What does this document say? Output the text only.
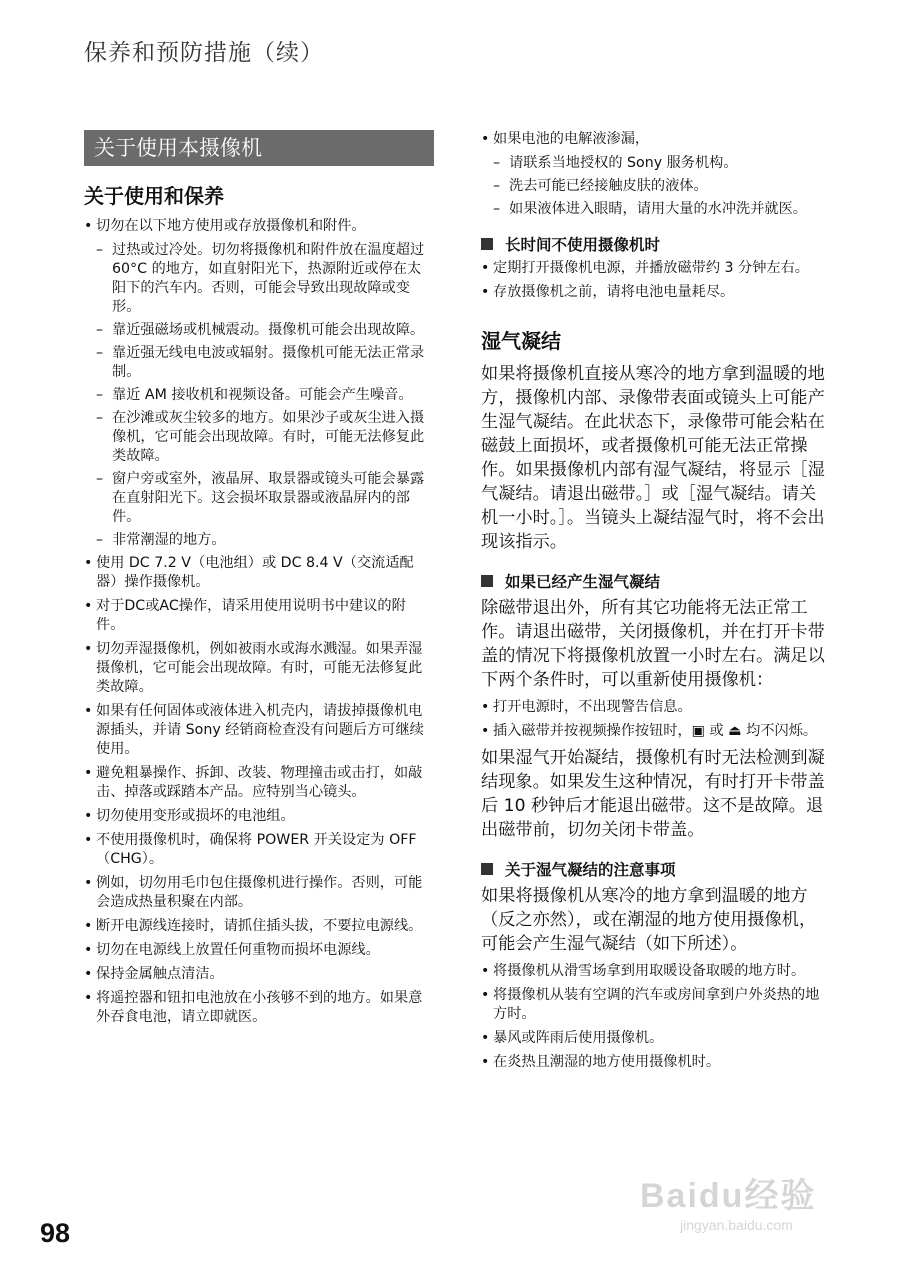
保养和预防措施（续）
关于使用本摄像机
关于使用和保养
• 切勿在以下地方使用或存放摄像机和附件。
– 过热或过冷处。切勿将摄像机和附件放在温度超过 60°C 的地方，如直射阳光下，热源附近或停在太阳下的汽车内。否则，可能会导致出现故障或变形。
– 靠近强磁场或机械震动。摄像机可能会出现故障。
– 靠近强无线电电波或辐射。摄像机可能无法正常录制。
– 靠近 AM 接收机和视频设备。可能会产生噪音。
– 在沙滩或灰尘较多的地方。如果沙子或灰尘进入摄像机，它可能会出现故障。有时，可能无法修复此类故障。
– 窗户旁或室外，液晶屏、取景器或镜头可能会暴露在直射阳光下。这会损坏取景器或液晶屏内的部件。
– 非常潮湿的地方。
• 使用 DC 7.2 V（电池组）或 DC 8.4 V（交流适配器）操作摄像机。
• 对于DC或AC操作，请采用使用说明书中建议的附件。
• 切勿弄湿摄像机，例如被雨水或海水溅湿。如果弄湿摄像机，它可能会出现故障。有时，可能无法修复此类故障。
• 如果有任何固体或液体进入机壳内，请拔掉摄像机电源插头，并请 Sony 经销商检查没有问题后方可继续使用。
• 避免粗暴操作、拆卸、改装、物理撞击或击打，如敲击、掉落或踩踏本产品。应特别当心镜头。
• 切勿使用变形或损坏的电池组。
• 不使用摄像机时，确保将 POWER 开关设定为 OFF（CHG）。
• 例如，切勿用毛巾包住摄像机进行操作。否则，可能会造成热量积聚在内部。
• 断开电源线连接时，请抓住插头拔，不要拉电源线。
• 切勿在电源线上放置任何重物而损坏电源线。
• 保持金属触点清洁。
• 将遥控器和钮扣电池放在小孩够不到的地方。如果意外吞食电池，请立即就医。
• 如果电池的电解液渗漏，
– 请联系当地授权的 Sony 服务机构。
– 洗去可能已经接触皮肤的液体。
– 如果液体进入眼睛，请用大量的水冲洗并就医。
长时间不使用摄像机时
• 定期打开摄像机电源，并播放磁带约 3 分钟左右。
• 存放摄像机之前，请将电池电量耗尽。
湿气凝结

如果将摄像机直接从寒冷的地方拿到温暖的地方，摄像机内部、录像带表面或镜头上可能产生湿气凝结。在此状态下，录像带可能会粘在磁鼓上面损坏，或者摄像机可能无法正常操作。如果摄像机内部有湿气凝结，将显示［湿气凝结。请退出磁带。］或［湿气凝结。请关机一小时。］。当镜头上凝结湿气时，将不会出现该指示。

如果已经产生湿气凝结

除磁带退出外，所有其它功能将无法正常工作。请退出磁带，关闭摄像机，并在打开卡带盖的情况下将摄像机放置一小时左右。满足以下两个条件时，可以重新使用摄像机：

• 打开电源时，不出现警告信息。
• 插入磁带并按视频操作按钮时，▣ 或 ⏏ 均不闪烁。

如果湿气开始凝结，摄像机有时无法检测到凝结现象。如果发生这种情况，有时打开卡带盖后 10 秒钟后才能退出磁带。这不是故障。退出磁带前，切勿关闭卡带盖。

关于湿气凝结的注意事项

如果将摄像机从寒冷的地方拿到温暖的地方（反之亦然），或在潮湿的地方使用摄像机，可能会产生湿气凝结（如下所述）。

• 将摄像机从滑雪场拿到用取暖设备取暖的地方时。
• 将摄像机从装有空调的汽车或房间拿到户外炎热的地方时。
• 暴风或阵雨后使用摄像机。
• 在炎热且潮湿的地方使用摄像机时。
98
Baidu经验
jingyan.baidu.com
